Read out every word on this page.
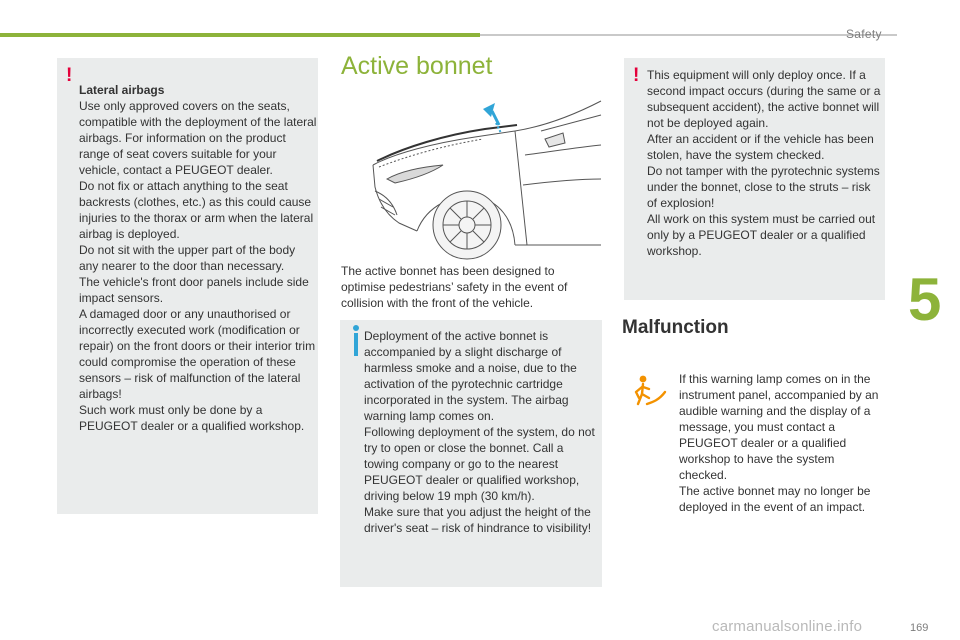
Safety
!

Lateral airbags
Use only approved covers on the seats, compatible with the deployment of the lateral airbags. For information on the product range of seat covers suitable for your vehicle, contact a PEUGEOT dealer.
Do not fix or attach anything to the seat backrests (clothes, etc.) as this could cause injuries to the thorax or arm when the lateral airbag is deployed.
Do not sit with the upper part of the body any nearer to the door than necessary.
The vehicle's front door panels include side impact sensors.
A damaged door or any unauthorised or incorrectly executed work (modification or repair) on the front doors or their interior trim could compromise the operation of these sensors – risk of malfunction of the lateral airbags!
Such work must only be done by a PEUGEOT dealer or a qualified workshop.

Active bonnet
The active bonnet has been designed to optimise pedestrians’ safety in the event of collision with the front of the vehicle.
Deployment of the active bonnet is accompanied by a slight discharge of harmless smoke and a noise, due to the activation of the pyrotechnic cartridge incorporated in the system. The airbag warning lamp comes on.
Following deployment of the system, do not try to open or close the bonnet. Call a towing company or go to the nearest PEUGEOT dealer or qualified workshop, driving below 19 mph (30 km/h).
Make sure that you adjust the height of the driver's seat – risk of hindrance to visibility!
! This equipment will only deploy once. If a second impact occurs (during the same or a subsequent accident), the active bonnet will not be deployed again.
After an accident or if the vehicle has been stolen, have the system checked.
Do not tamper with the pyrotechnic systems under the bonnet, close to the struts – risk of explosion!
All work on this system must be carried out only by a PEUGEOT dealer or a qualified workshop.
Malfunction
If this warning lamp comes on in the instrument panel, accompanied by an audible warning and the display of a message, you must contact a PEUGEOT dealer or a qualified workshop to have the system checked.
The active bonnet may no longer be deployed in the event of an impact.
5
carmanualsonline.info	169
